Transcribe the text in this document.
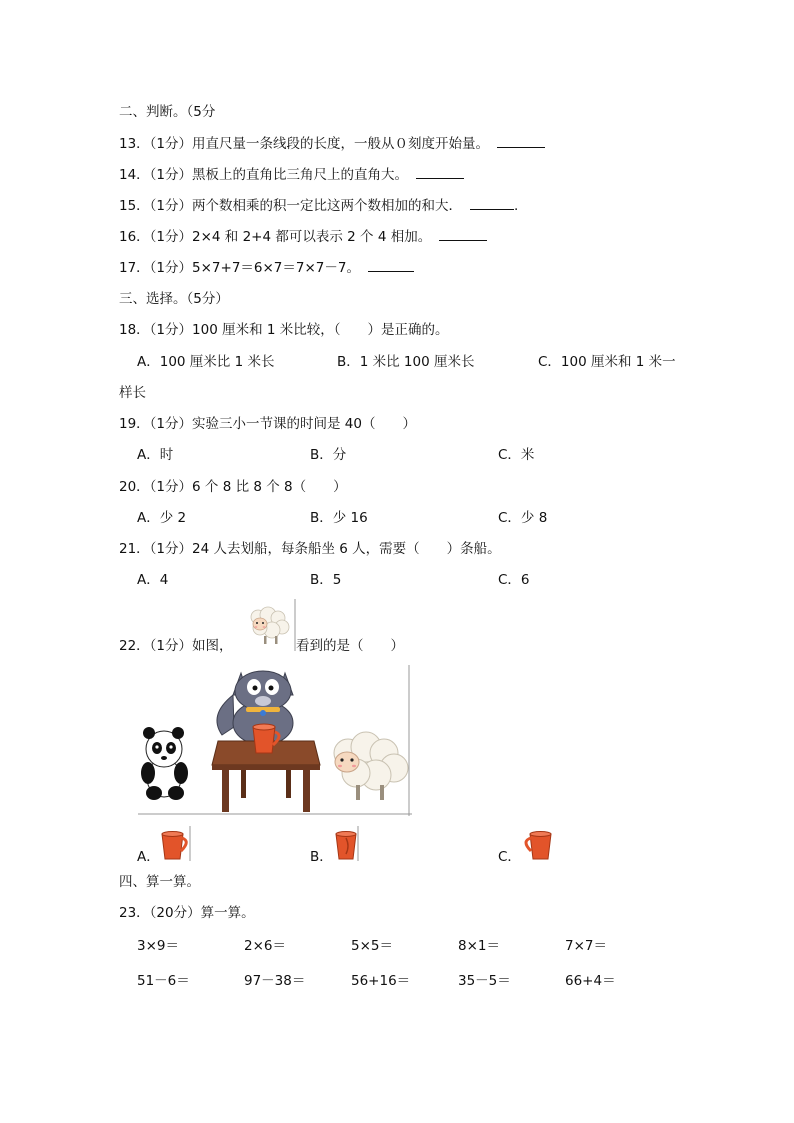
二、判断。（5分
13．（1分）用直尺量一条线段的长度，一般从０刻度开始量。
14．（1分）黑板上的直角比三角尺上的直角大。
15．（1分）两个数相乘的积一定比这两个数相加的和大．	.
16．（1分）2×4 和 2+4 都可以表示 2 个 4 相加。
17．（1分）5×7+7＝6×7＝7×7－7。
三、选择。（5分）
18．（1分）100 厘米和 1 米比较，（　　）是正确的。
A．100 厘米比 1 米长	B．1 米比 100 厘米长	C．100 厘米和 1 米一
样长
19．（1分）实验三小一节课的时间是 40（　　）
A．时	B．分	C．米
20．（1分）6 个 8 比 8 个 8（　　）
A．少 2	B．少 16	C．少 8
21．（1分）24 人去划船，每条船坐 6 人，需要（　　）条船。
A．4	B．5	C．6
22．（1分）如图，	看到的是（　　）
A．	B．	C．
四、算一算。
23．（20分）算一算。
3×9＝	2×6＝	5×5＝	8×1＝	7×7＝
51－6＝	97－38＝	56+16＝	35－5＝	66+4＝
